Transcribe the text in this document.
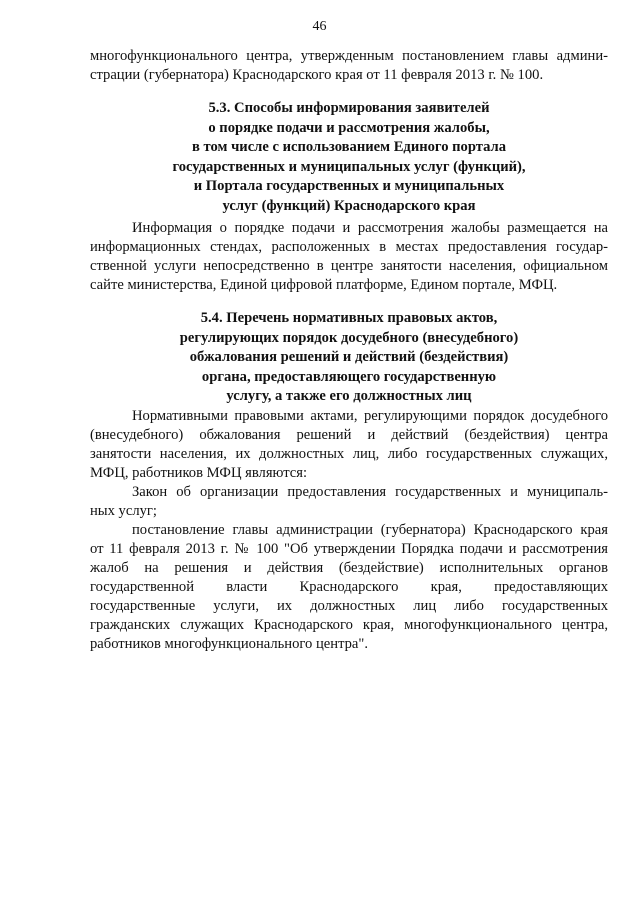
46
многофункционального центра, утвержденным постановлением главы админи-
страции (губернатора) Краснодарского края от 11 февраля 2013 г. № 100.
5.3. Способы информирования заявителей
о порядке подачи и рассмотрения жалобы,
в том числе с использованием Единого портала
государственных и муниципальных услуг (функций),
и Портала государственных и муниципальных
услуг (функций) Краснодарского края
Информация о порядке подачи и рассмотрения жалобы размещается на
информационных стендах, расположенных в местах предоставления государ-
ственной услуги непосредственно в центре занятости населения, официальном
сайте министерства, Единой цифровой платформе, Едином портале, МФЦ.
5.4. Перечень нормативных правовых актов,
регулирующих порядок досудебного (внесудебного)
обжалования решений и действий (бездействия)
органа, предоставляющего государственную
услугу, а также его должностных лиц
Нормативными правовыми актами, регулирующими порядок досудебного
(внесудебного) обжалования решений и действий (бездействия) центра
занятости населения, их должностных лиц, либо государственных служащих,
МФЦ, работников МФЦ являются:
Закон об организации предоставления государственных и муниципаль-
ных услуг;
постановление главы администрации (губернатора) Краснодарского края
от 11 февраля 2013 г. № 100 "Об утверждении Порядка подачи и рассмотрения
жалоб на решения и действия (бездействие) исполнительных органов
государственной власти Краснодарского края, предоставляющих
государственные услуги, их должностных лиц либо государственных
гражданских служащих Краснодарского края, многофункционального центра,
работников многофункционального центра".
